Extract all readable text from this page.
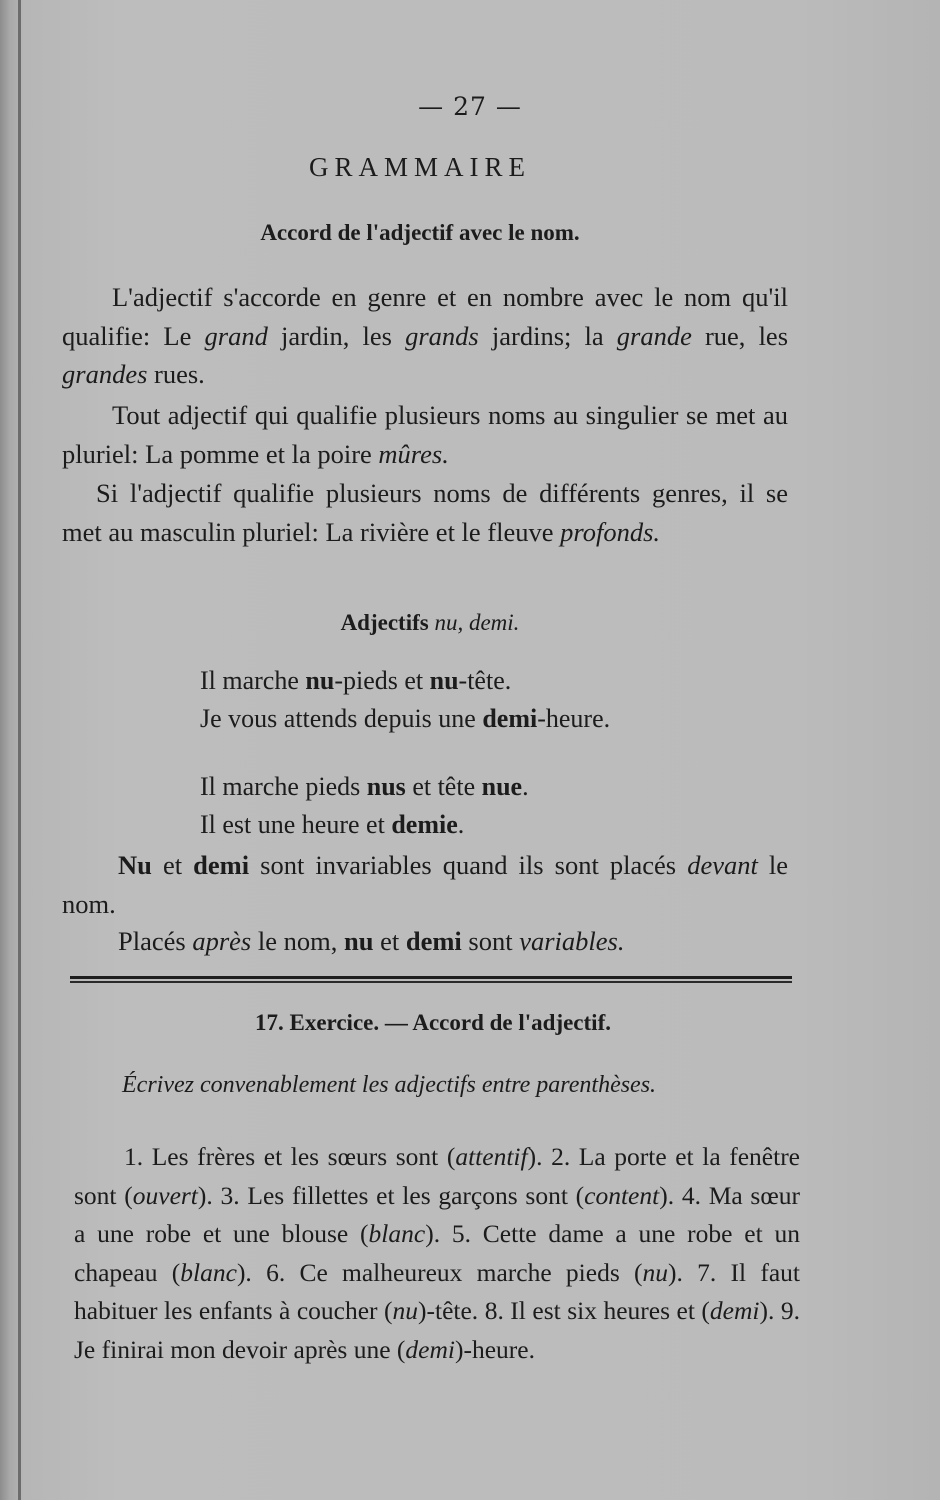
— 27 —
GRAMMAIRE
Accord de l'adjectif avec le nom.

L'adjectif s'accorde en genre et en nombre avec le nom qu'il qualifie: Le grand jardin, les grands jardins; la grande rue, les grandes rues.

Tout adjectif qui qualifie plusieurs noms au singulier se met au pluriel: La pomme et la poire mûres.

Si l'adjectif qualifie plusieurs noms de différents genres, il se met au masculin pluriel: La rivière et le fleuve profonds.

Adjectifs nu, demi.
Il marche nu-pieds et nu-tête.
Je vous attends depuis une demi-heure.
Il marche pieds nus et tête nue.
Il est une heure et demie.

Nu et demi sont invariables quand ils sont placés devant le nom.

Placés après le nom, nu et demi sont variables.

17. Exercice. — Accord de l'adjectif.

Écrivez convenablement les adjectifs entre parenthèses.

1. Les frères et les sœurs sont (attentif). 2. La porte et la fenêtre sont (ouvert). 3. Les fillettes et les garçons sont (content). 4. Ma sœur a une robe et une blouse (blanc). 5. Cette dame a une robe et un chapeau (blanc). 6. Ce malheureux marche pieds (nu). 7. Il faut habituer les enfants à coucher (nu)-tête. 8. Il est six heures et (demi). 9. Je finirai mon devoir après une (demi)-heure.
